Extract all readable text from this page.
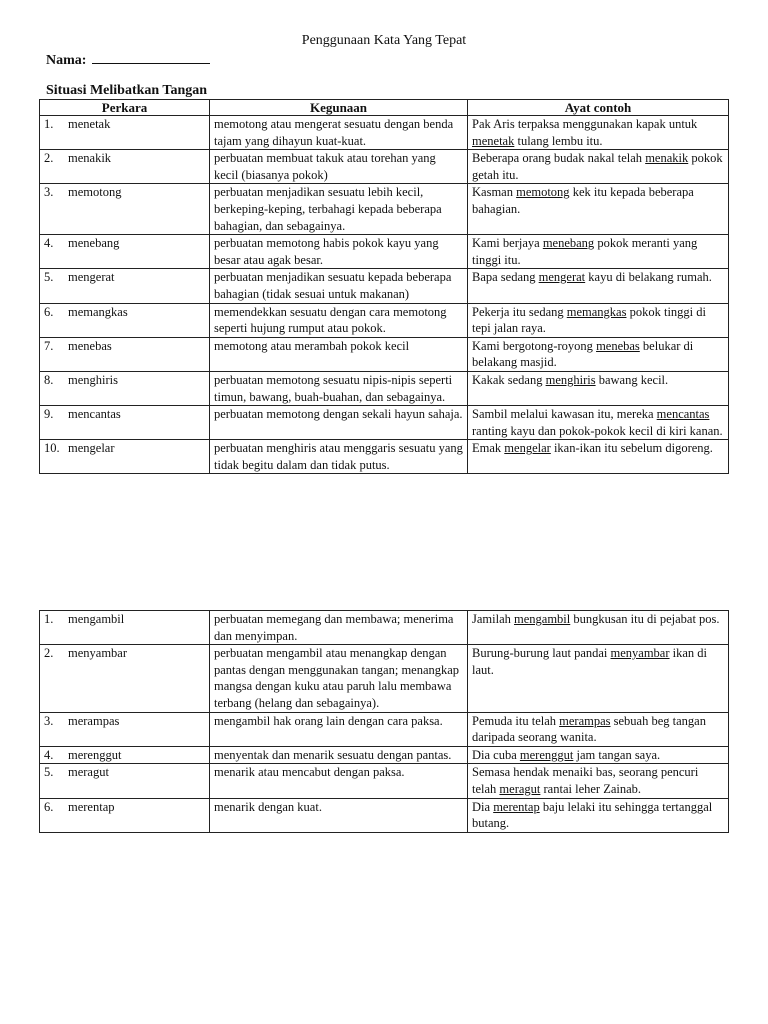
Penggunaan Kata Yang Tepat
Nama:
Situasi Melibatkan Tangan
Perkara	Kegunaan	Ayat contoh
1. menetak	memotong atau mengerat sesuatu dengan benda tajam yang dihayun kuat-kuat.	Pak Aris terpaksa menggunakan kapak untuk menetak tulang lembu itu.
2. menakik	perbuatan membuat takuk atau torehan yang kecil (biasanya pokok)	Beberapa orang budak nakal telah menakik pokok getah itu.
3. memotong	perbuatan menjadikan sesuatu lebih kecil, berkeping-keping, terbahagi kepada beberapa bahagian, dan sebagainya.	Kasman memotong kek itu kepada beberapa bahagian.
4. menebang	perbuatan memotong habis pokok kayu yang besar atau agak besar.	Kami berjaya menebang pokok meranti yang tinggi itu.
5. mengerat	perbuatan menjadikan sesuatu kepada beberapa bahagian (tidak sesuai untuk makanan)	Bapa sedang mengerat kayu di belakang rumah.
6. memangkas	memendekkan sesuatu dengan cara memotong seperti hujung rumput atau pokok.	Pekerja itu sedang memangkas pokok tinggi di tepi jalan raya.
7. menebas	memotong atau merambah pokok kecil	Kami bergotong-royong menebas belukar di belakang masjid.
8. menghiris	perbuatan memotong sesuatu nipis-nipis seperti timun, bawang, buah-buahan, dan sebagainya.	Kakak sedang menghiris bawang kecil.
9. mencantas	perbuatan memotong dengan sekali hayun sahaja.	Sambil melalui kawasan itu, mereka mencantas ranting kayu dan pokok-pokok kecil di kiri kanan.
10. mengelar	perbuatan menghiris atau menggaris sesuatu yang tidak begitu dalam dan tidak putus.	Emak mengelar ikan-ikan itu sebelum digoreng.
1. mengambil	perbuatan memegang dan membawa; menerima dan menyimpan.	Jamilah mengambil bungkusan itu di pejabat pos.
2. menyambar	perbuatan mengambil atau menangkap dengan pantas dengan menggunakan tangan; menangkap mangsa dengan kuku atau paruh lalu membawa terbang (helang dan sebagainya).	Burung-burung laut pandai menyambar ikan di laut.
3. merampas	mengambil hak orang lain dengan cara paksa.	Pemuda itu telah merampas sebuah beg tangan daripada seorang wanita.
4. merenggut	menyentak dan menarik sesuatu dengan pantas.	Dia cuba merenggut jam tangan saya.
5. meragut	menarik atau mencabut dengan paksa.	Semasa hendak menaiki bas, seorang pencuri telah meragut rantai leher Zainab.
6. merentap	menarik dengan kuat.	Dia merentap baju lelaki itu sehingga tertanggal butang.
